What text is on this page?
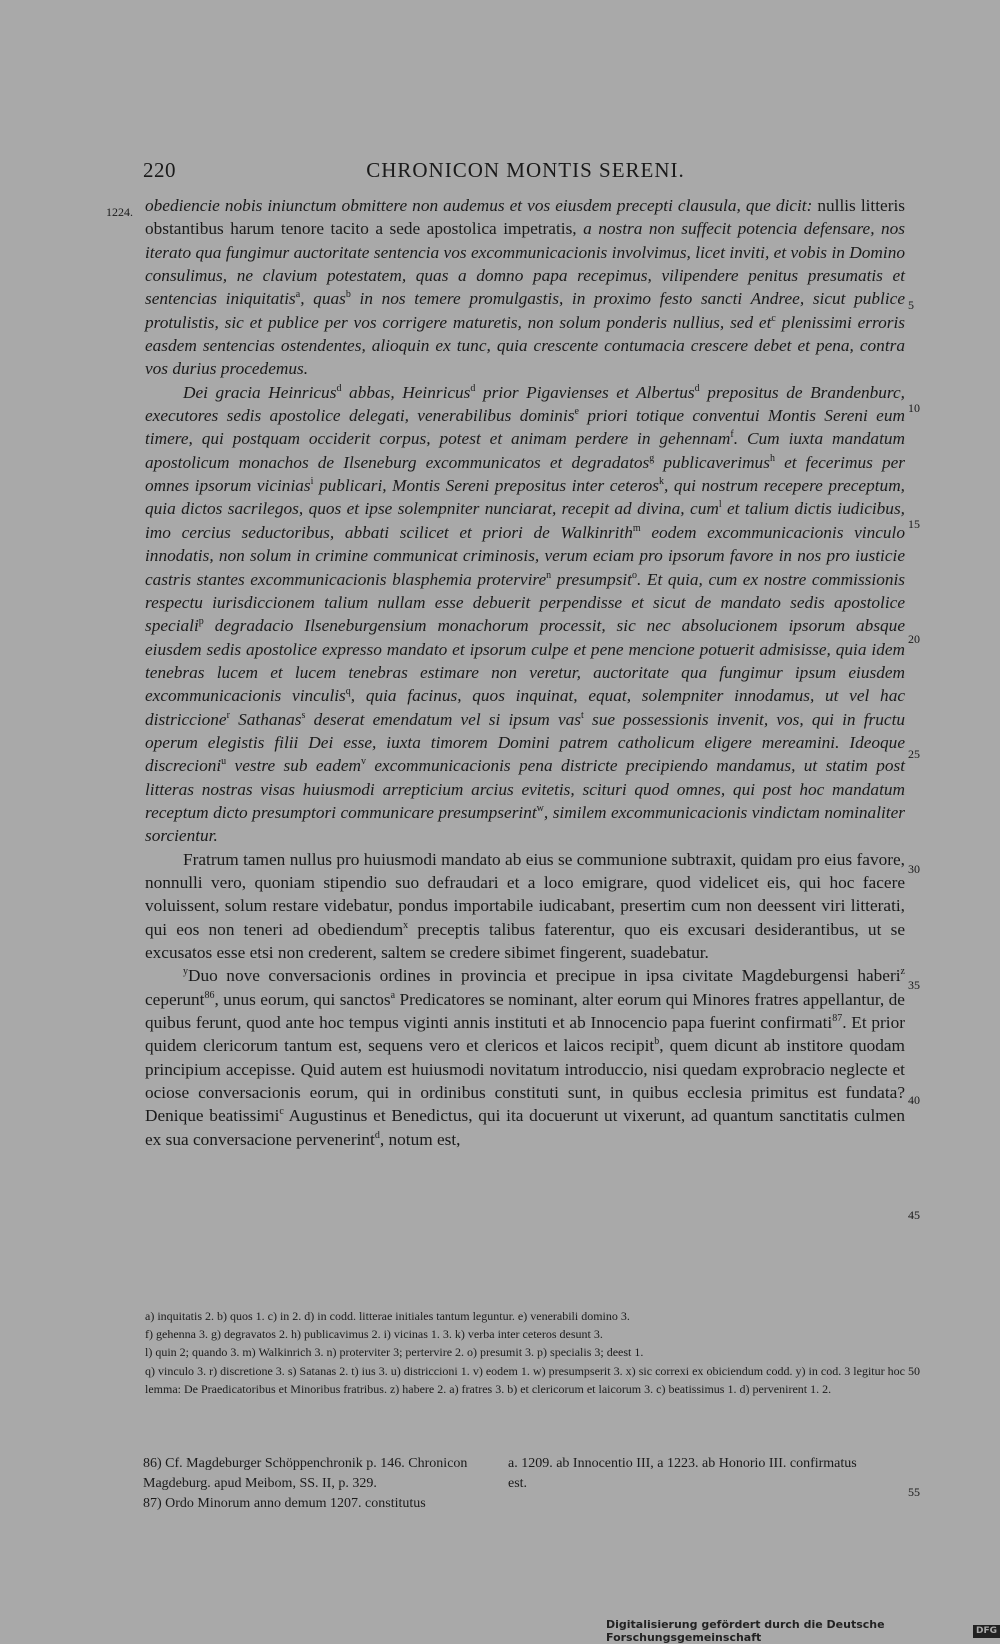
220	CHRONICON MONTIS SERENI.
1224.
5
10
15
20
25
30
35
40
45
50
55

obediencie nobis iniunctum obmittere non audemus et vos eiusdem precepti clausula, que dicit: nullis litteris obstantibus harum tenore tacito a sede apostolica impetratis, a nostra non suffecit potencia defensare, nos iterato qua fungimur auctoritate sentencia vos excommunicacionis involvimus, licet inviti, et vobis in Domino consulimus, ne clavium potestatem, quas a domno papa recepimus, vilipendere penitus presumatis et sentencias iniquitatis$^a$, quas$^b$ in nos temere promulgastis, in proximo festo sancti Andree, sicut publice protulistis, sic et publice per vos corrigere maturetis, non solum ponderis nullius, sed $et^c$ plenissimi erroris easdem sentencias ostendentes, alioquin ex tunc, quia crescente contumacia crescere debet et pena, contra vos durius procedemus.

Dei gracia Heinricus$^d$ abbas, Heinricus$^d$ prior Pigavienses et Albertus$^d$ prepositus de Brandenburc, executores sedis apostolice delegati, venerabilibus dominis$^e$ priori totique conventui Montis Sereni eum timere, qui postquam occiderit corpus, potest et animam perdere in gehennam$^f$. Cum iuxta mandatum apostolicum monachos de Ilseneburg excommunicatos et degradatos$^g$ publicaverimus$^h$ et fecerimus per omnes ipsorum vicinias$^i$ publicari, Montis Sereni prepositus inter ceteros$^k$, qui nostrum recepere preceptum, quia dictos sacrilegos, quos et ipse solempniter nunciarat, recepit ad divina, cum$^l$ et talium dictis iudicibus, imo cercius seductoribus, abbati scilicet et priori de Walkinrith$^m$ eodem excommunicacionis vinculo innodatis, non solum in crimine communicat criminosis, verum eciam pro ipsorum favore in nos pro iusticie castris stantes excommunicacionis blasphemia protervire$^n$ presumpsit$^o$. Et quia, cum ex nostre commissionis respectu iurisdiccionem talium nullam esse debuerit perpendisse et sicut de mandato sedis apostolice speciali$^p$ degradacio Ilseneburgensium monachorum processit, sic nec absolucionem ipsorum absque eiusdem sedis apostolice expresso mandato et ipsorum culpe et pene mencione potuerit admisisse, quia idem tenebras lucem et lucem tenebras estimare non veretur, auctoritate qua fungimur ipsum eiusdem excommunicacionis vinculis$^q$, quia facinus, quos inquinat, equat, solempniter innodamus, ut vel hac districcione$^r$ Sathanas$^s$ deserat emendatum vel si ipsum vas$^t$ sue possessionis invenit, vos, qui in fructu operum elegistis filii Dei esse, iuxta timorem Domini patrem catholicum eligere mereamini. Ideoque discrecioni$^u$ vestre sub eadem$^v$ excommunicacionis pena districte precipiendo mandamus, ut statim post litteras nostras visas huiusmodi arrepticium arcius evitetis, scituri quod omnes, qui post hoc mandatum receptum dicto presumptori communicare presumpserint$^w$, similem excommunicacionis vindictam nominaliter sorcientur.

Fratrum tamen nullus pro huiusmodi mandato ab eius se communione subtraxit, quidam pro eius favore, nonnulli vero, quoniam stipendio suo defraudari et a loco emigrare, quod videlicet eis, qui hoc facere voluissent, solum restare videbatur, pondus importabile iudicabant, presertim cum non deessent viri litterati, qui eos non teneri ad obediendum$^x$ preceptis talibus faterentur, quo eis excusari desiderantibus, ut se excusatos esse etsi non crederent, saltem se credere sibimet fingerent, suadebatur.

$^y$Duo nove conversacionis ordines in provincia et precipue in ipsa civitate Magdeburgensi haberi$^z$ ceperunt$^{86}$, unus eorum, qui sanctos$^a$ Predicatores se nominant, alter eorum qui Minores fratres appellantur, de quibus ferunt, quod ante hoc tempus viginti annis instituti et ab Innocencio papa fuerint confirmati$^{87}$. Et prior quidem clericorum tantum est, sequens vero et clericos et laicos recipit$^b$, quem dicunt ab institore quodam principium accepisse. Quid autem est huiusmodi novitatum introduccio, nisi quedam exprobracio neglecte et ociose conversacionis eorum, qui in ordinibus constituti sunt, in quibus ecclesia primitus est fundata? Denique beatissimi$^c$ Augustinus et Benedictus, qui ita docuerunt ut vixerunt, ad quantum sanctitatis culmen ex sua conversacione pervenerint$^d$, notum est,

a) inquitatis 2. b) quos 1. c) in 2. d) in codd. litterae initiales tantum leguntur. e) venerabili domino 3.

f) gehenna 3. g) degravatos 2. h) publicavimus 2. i) vicinas 1. 3. k) verba inter ceteros desunt 3.

l) quin 2; quando 3. m) Walkinrich 3. n) proterviter 3; pertervire 2. o) presumit 3. p) specialis 3; deest 1.

q) vinculo 3. r) discretione 3. s) Satanas 2. t) ius 3. u) districcioni 1. v) eodem 1. w) presumpserit 3. x) sic correxi ex obiciendum codd. y) in cod. 3 legitur hoc lemma: De Praedicatoribus et Minoribus fratribus. z) habere 2. a) fratres 3. b) et clericorum et laicorum 3. c) beatissimus 1. d) pervenirent 1. 2.

86) Cf. Magdeburger Schöppenchronik p. 146. Chronicon Magdeburg. apud Meibom, SS. II, p. 329.

87) Ordo Minorum anno demum 1207. constitutus

a. 1209. ab Innocentio III, a 1223. ab Honorio III. confirmatus est.

Digitalisierung gefördert durch die Deutsche Forschungsgemeinschaft
DFG
